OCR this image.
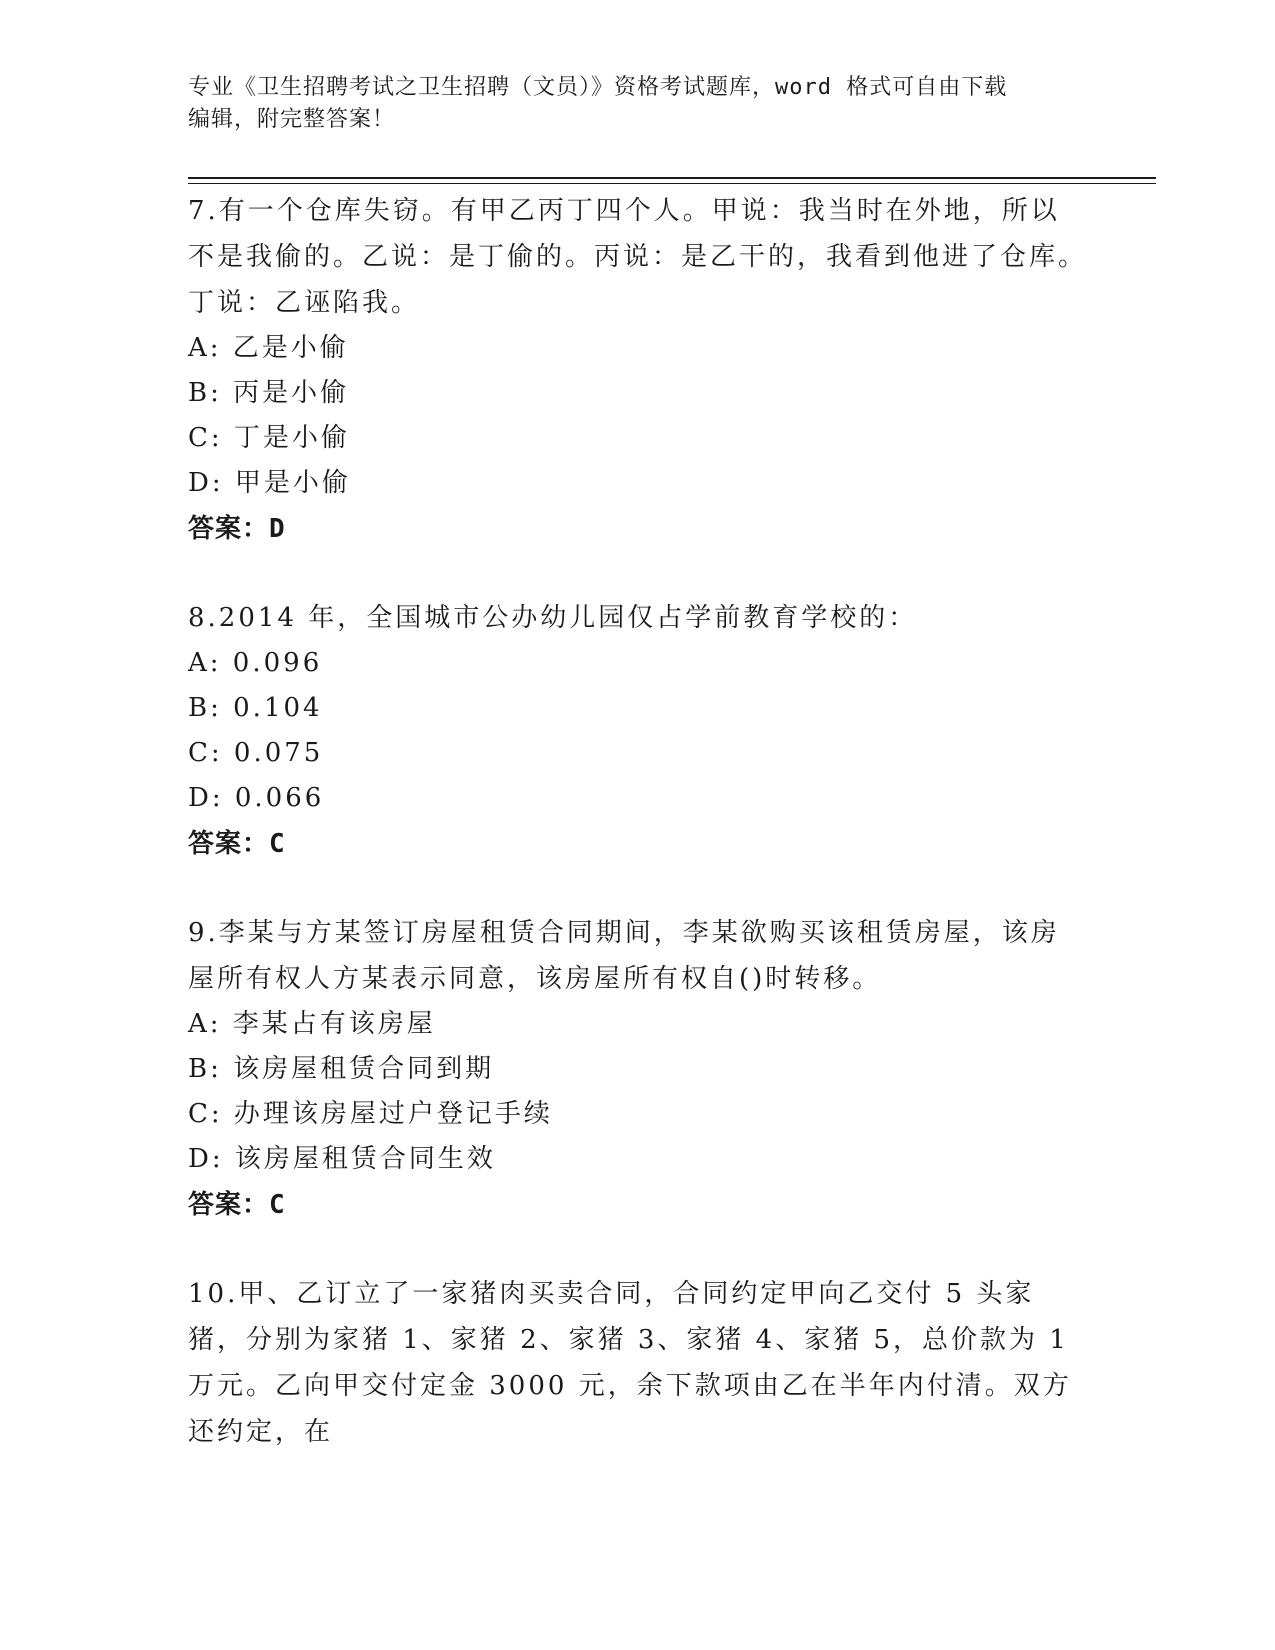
专业《卫生招聘考试之卫生招聘（文员）》资格考试题库，word 格式可自由下载
编辑，附完整答案！
7.有一个仓库失窃。有甲乙丙丁四个人。甲说：我当时在外地，所以不是我偷的。乙说：是丁偷的。丙说：是乙干的，我看到他进了仓库。丁说：乙诬陷我。
A: 乙是小偷
B: 丙是小偷
C: 丁是小偷
D: 甲是小偷
答案：D
8.2014 年，全国城市公办幼儿园仅占学前教育学校的：
A: 0.096
B: 0.104
C: 0.075
D: 0.066
答案：C
9.李某与方某签订房屋租赁合同期间，李某欲购买该租赁房屋，该房屋所有权人方某表示同意，该房屋所有权自()时转移。
A: 李某占有该房屋
B: 该房屋租赁合同到期
C: 办理该房屋过户登记手续
D: 该房屋租赁合同生效
答案：C
10.甲、乙订立了一家猪肉买卖合同，合同约定甲向乙交付 5 头家猪，分别为家猪 1、家猪 2、家猪 3、家猪 4、家猪 5，总价款为 1 万元。乙向甲交付定金 3000 元，余下款项由乙在半年内付清。双方还约定，在
